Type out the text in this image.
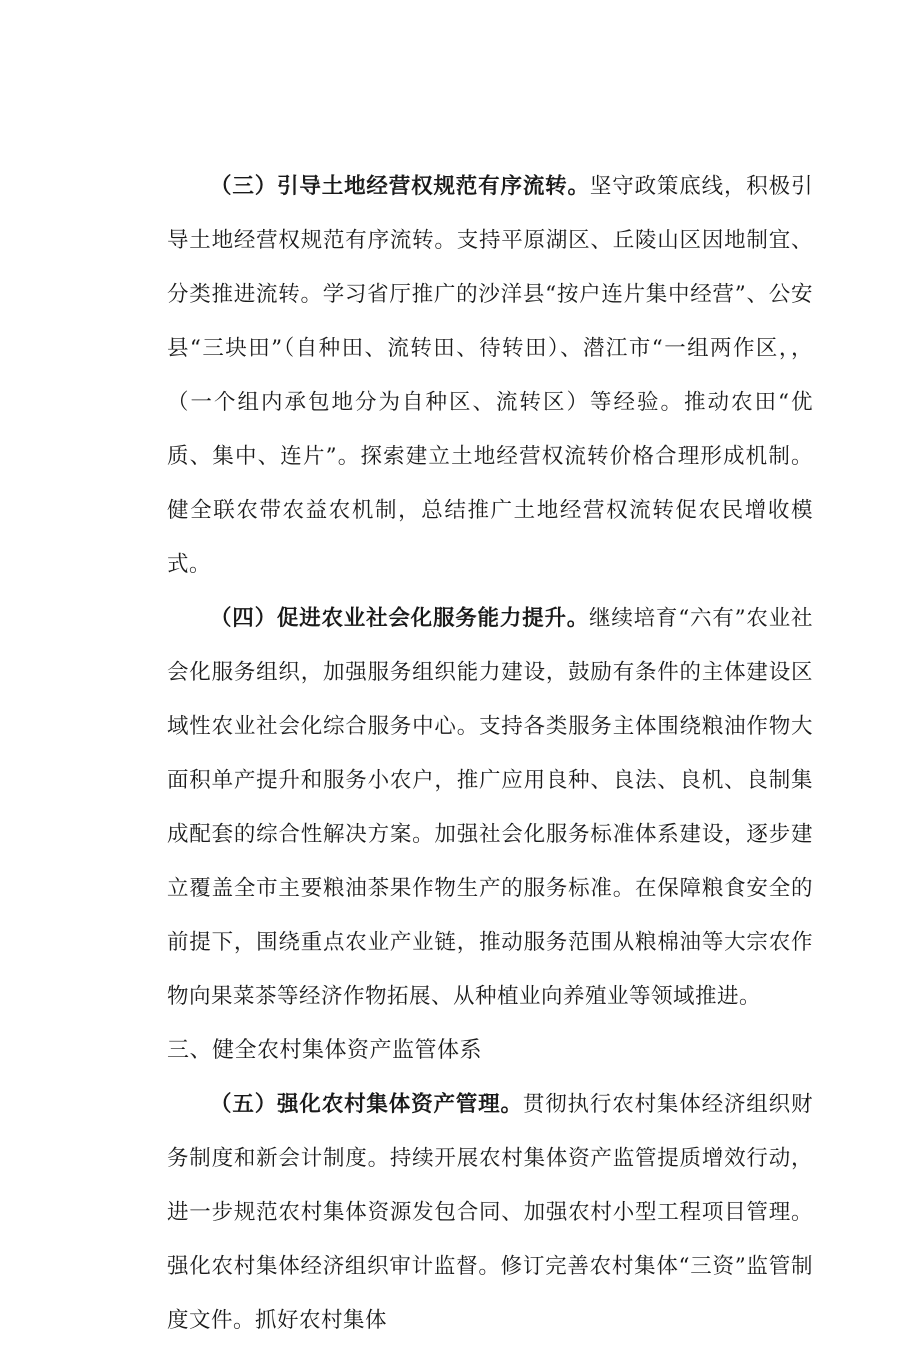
（三）引导土地经营权规范有序流转。坚守政策底线，积极引导土地经营权规范有序流转。支持平原湖区、丘陵山区因地制宜、分类推进流转。学习省厅推广的沙洋县“按户连片集中经营”、公安县“三块田”（自种田、流转田、待转田）、潜江市“一组两作区，，（一个组内承包地分为自种区、流转区）等经验。推动农田“优质、集中、连片”。探索建立土地经营权流转价格合理形成机制。健全联农带农益农机制，总结推广土地经营权流转促农民增收模式。

（四）促进农业社会化服务能力提升。继续培育“六有”农业社会化服务组织，加强服务组织能力建设，鼓励有条件的主体建设区域性农业社会化综合服务中心。支持各类服务主体围绕粮油作物大面积单产提升和服务小农户，推广应用良种、良法、良机、良制集成配套的综合性解决方案。加强社会化服务标准体系建设，逐步建立覆盖全市主要粮油茶果作物生产的服务标准。在保障粮食安全的前提下，围绕重点农业产业链，推动服务范围从粮棉油等大宗农作物向果菜茶等经济作物拓展、从种植业向养殖业等领域推进。

三、健全农村集体资产监管体系

（五）强化农村集体资产管理。贯彻执行农村集体经济组织财务制度和新会计制度。持续开展农村集体资产监管提质增效行动，进一步规范农村集体资源发包合同、加强农村小型工程项目管理。强化农村集体经济组织审计监督。修订完善农村集体“三资”监管制度文件。抓好农村集体
